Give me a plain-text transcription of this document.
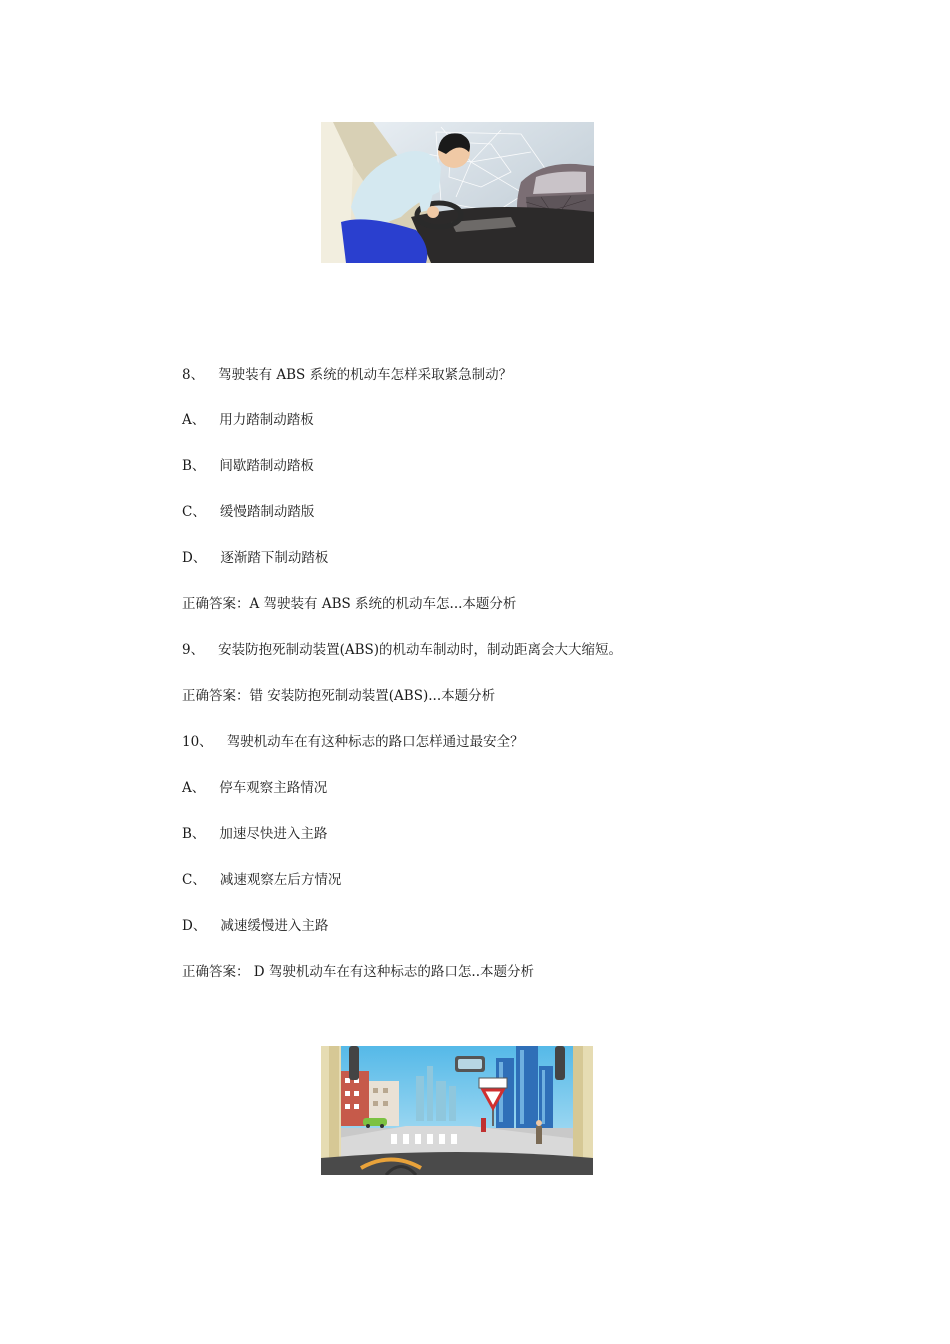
8、 驾驶装有 ABS 系统的机动车怎样采取紧急制动？
A、 用力踏制动踏板
B、 间歇踏制动踏板
C、 缓慢踏制动踏版
D、 逐渐踏下制动踏板
正确答案：A 驾驶装有 ABS 系统的机动车怎...本题分析
9、 安装防抱死制动装置(ABS)的机动车制动时，制动距离会大大缩短。
正确答案：错 安装防抱死制动装置(ABS)...本题分析
10、 驾驶机动车在有这种标志的路口怎样通过最安全？
A、 停车观察主路情况
B、 加速尽快进入主路
C、 减速观察左后方情况
D、 减速缓慢进入主路
正确答案： D 驾驶机动车在有这种标志的路口怎..本题分析
